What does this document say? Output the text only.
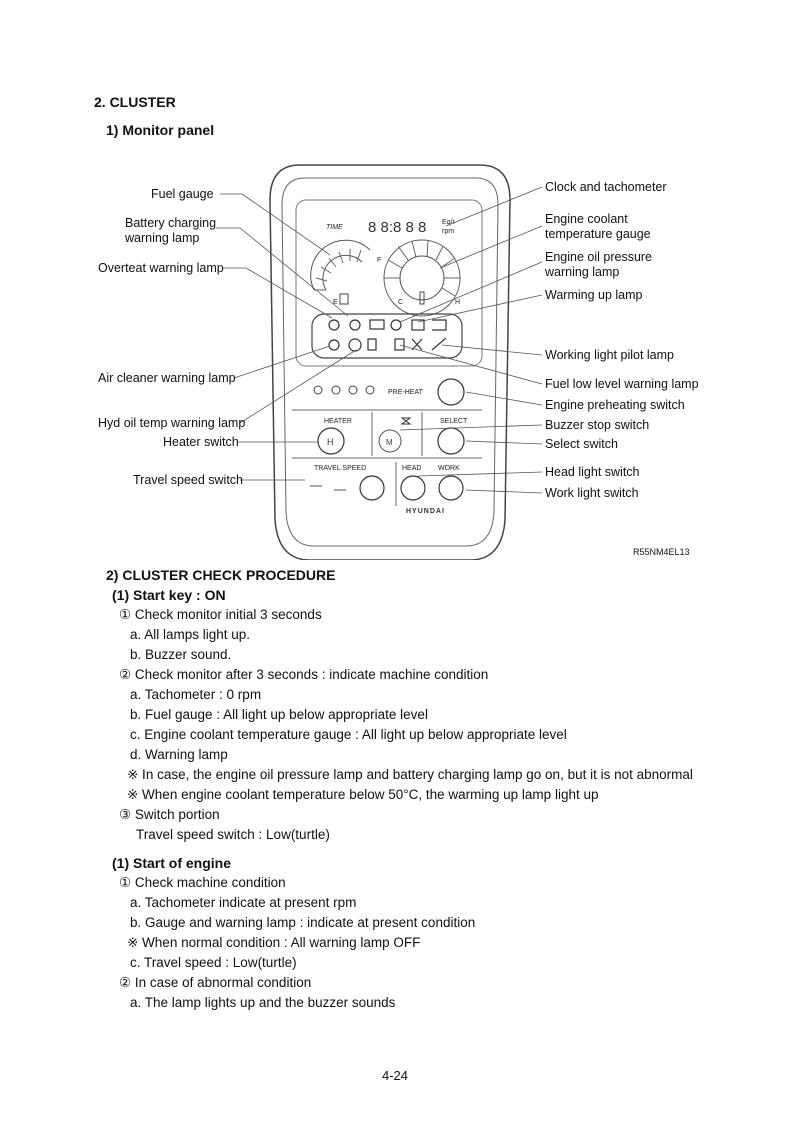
2. CLUSTER
1) Monitor panel
TIME 8 8:8 8 8 Eq/r
rpm
E
F
C	H
PRE-HEAT
HEATER
H	M
SELECT
TRAVEL SPEED	HEAD WORK
HYUNDAI
Fuel gauge
Battery charging
warning lamp
Overteat warning lamp
Air cleaner warning lamp
Hyd oil temp warning lamp
Heater switch
Travel speed switch
Clock and tachometer
Engine coolant
temperature gauge
Engine oil pressure
warning lamp
Warming up lamp
Working light pilot lamp
Fuel low level warning lamp
Engine preheating switch
Buzzer stop switch
Select switch
Head light switch
Work light switch
R55NM4EL13
2) CLUSTER CHECK PROCEDURE
(1) Start key : ON
① Check monitor initial 3 seconds
a. All lamps light up.
b. Buzzer sound.
② Check monitor after 3 seconds : indicate machine condition
a. Tachometer : 0 rpm
b. Fuel gauge : All light up below appropriate level
c. Engine coolant temperature gauge : All light up below appropriate level
d. Warning lamp
※ In case, the engine oil pressure lamp and battery charging lamp go on, but it is not abnormal
※ When engine coolant temperature below 50°C, the warming up lamp light up
③ Switch portion
Travel speed switch : Low(turtle)
(1) Start of engine
① Check machine condition
a. Tachometer indicate at present rpm
b. Gauge and warning lamp : indicate at present condition
※ When normal condition : All warning lamp OFF
c. Travel speed : Low(turtle)
② In case of abnormal condition
a. The lamp lights up and the buzzer sounds
4-24
